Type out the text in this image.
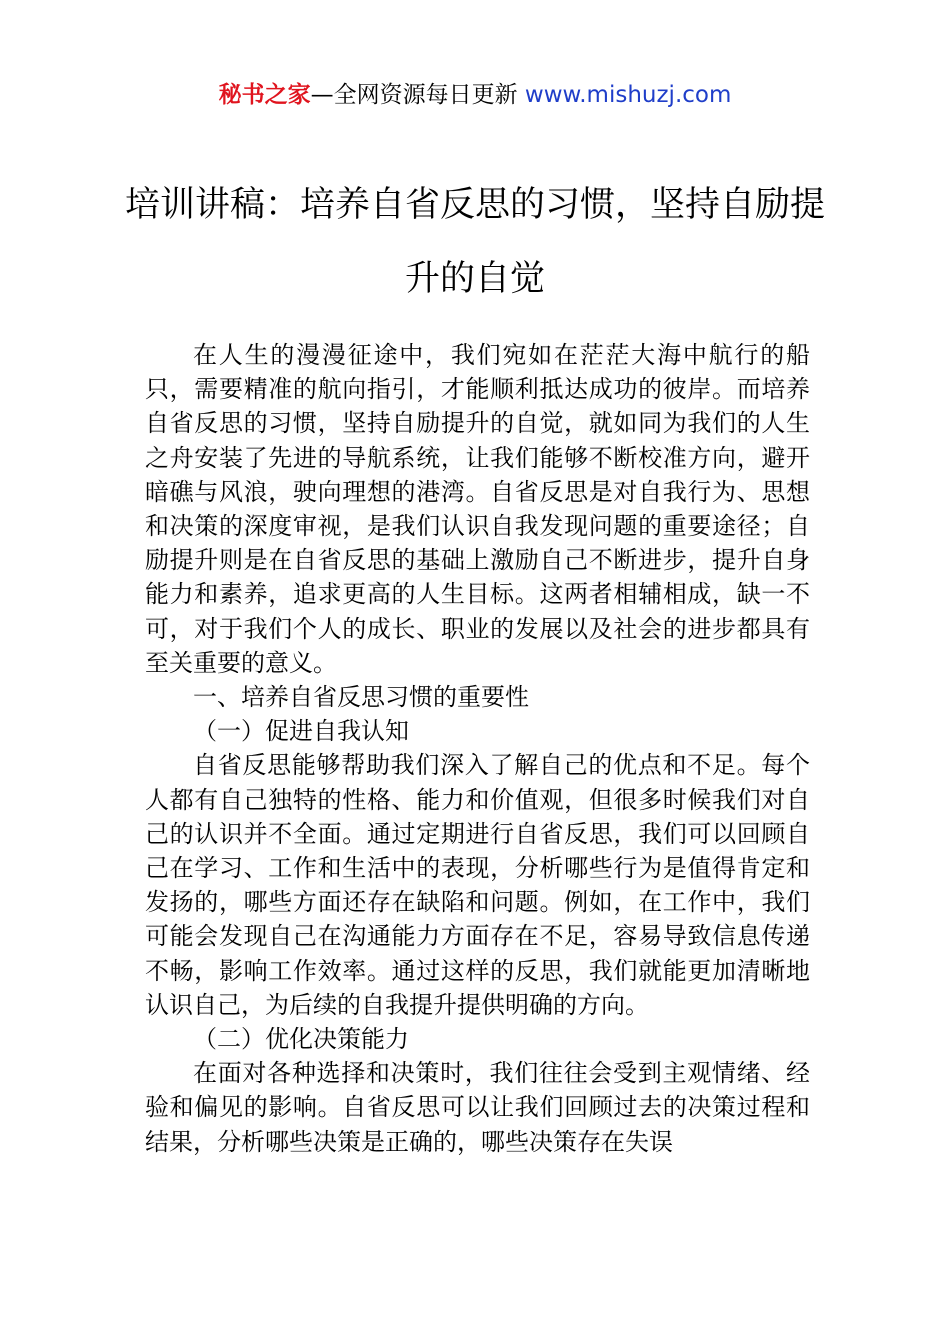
秘书之家—全网资源每日更新 www.mishuzj.com
培训讲稿：培养自省反思的习惯，坚持自励提升的自觉

在人生的漫漫征途中，我们宛如在茫茫大海中航行的船只，需要精准的航向指引，才能顺利抵达成功的彼岸。而培养自省反思的习惯，坚持自励提升的自觉，就如同为我们的人生之舟安装了先进的导航系统，让我们能够不断校准方向，避开暗礁与风浪，驶向理想的港湾。自省反思是对自我行为、思想和决策的深度审视，是我们认识自我发现问题的重要途径；自励提升则是在自省反思的基础上激励自己不断进步，提升自身能力和素养，追求更高的人生目标。这两者相辅相成，缺一不可，对于我们个人的成长、职业的发展以及社会的进步都具有至关重要的意义。

一、培养自省反思习惯的重要性

（一）促进自我认知

自省反思能够帮助我们深入了解自己的优点和不足。每个人都有自己独特的性格、能力和价值观，但很多时候我们对自己的认识并不全面。通过定期进行自省反思，我们可以回顾自己在学习、工作和生活中的表现，分析哪些行为是值得肯定和发扬的，哪些方面还存在缺陷和问题。例如，在工作中，我们可能会发现自己在沟通能力方面存在不足，容易导致信息传递不畅，影响工作效率。通过这样的反思，我们就能更加清晰地认识自己，为后续的自我提升提供明确的方向。

（二）优化决策能力

在面对各种选择和决策时，我们往往会受到主观情绪、经验和偏见的影响。自省反思可以让我们回顾过去的决策过程和结果，分析哪些决策是正确的，哪些决策存在失误
